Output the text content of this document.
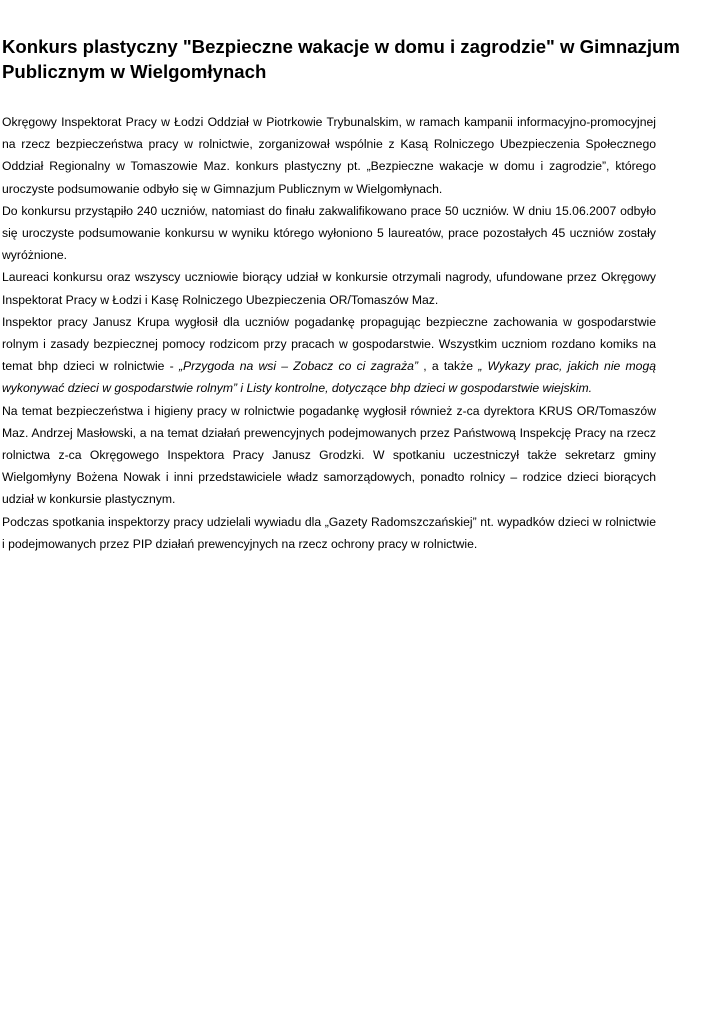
Konkurs plastyczny "Bezpieczne wakacje w domu i zagrodzie" w Gimnazjum Publicznym w Wielgomłynach

Okręgowy Inspektorat Pracy w Łodzi Oddział w Piotrkowie Trybunalskim, w ramach kampanii informacyjno-promocyjnej na rzecz bezpieczeństwa pracy w rolnictwie, zorganizował wspólnie z Kasą Rolniczego Ubezpieczenia Społecznego Oddział Regionalny w Tomaszowie Maz. konkurs plastyczny pt. „Bezpieczne wakacje w domu i zagrodzie”, którego uroczyste podsumowanie odbyło się w Gimnazjum Publicznym w Wielgomłynach.

Do konkursu przystąpiło 240 uczniów, natomiast do finału zakwalifikowano prace 50 uczniów. W dniu 15.06.2007 odbyło się uroczyste podsumowanie konkursu w wyniku którego wyłoniono 5 laureatów, prace pozostałych 45 uczniów zostały wyróżnione.

Laureaci konkursu oraz wszyscy uczniowie biorący udział w konkursie otrzymali nagrody, ufundowane przez Okręgowy Inspektorat Pracy w Łodzi i Kasę Rolniczego Ubezpieczenia OR/Tomaszów Maz.

Inspektor pracy Janusz Krupa wygłosił dla uczniów pogadankę propagując bezpieczne zachowania w gospodarstwie rolnym i zasady bezpiecznej pomocy rodzicom przy pracach w gospodarstwie. Wszystkim uczniom rozdano komiks na temat bhp dzieci w rolnictwie - „Przygoda na wsi – Zobacz co ci zagraża” , a także „ Wykazy prac, jakich nie mogą wykonywać dzieci w gospodarstwie rolnym” i Listy kontrolne, dotyczące bhp dzieci w gospodarstwie wiejskim.

Na temat bezpieczeństwa i higieny pracy w rolnictwie pogadankę wygłosił również z-ca dyrektora KRUS OR/Tomaszów Maz. Andrzej Masłowski, a na temat działań prewencyjnych podejmowanych przez Państwową Inspekcję Pracy na rzecz rolnictwa z-ca Okręgowego Inspektora Pracy Janusz Grodzki. W spotkaniu uczestniczył także sekretarz gminy Wielgomłyny Bożena Nowak i inni przedstawiciele władz samorządowych, ponadto rolnicy – rodzice dzieci biorących udział w konkursie plastycznym.

Podczas spotkania inspektorzy pracy udzielali wywiadu dla „Gazety Radomszczańskiej” nt. wypadków dzieci w rolnictwie i podejmowanych przez PIP działań prewencyjnych na rzecz ochrony pracy w rolnictwie.
